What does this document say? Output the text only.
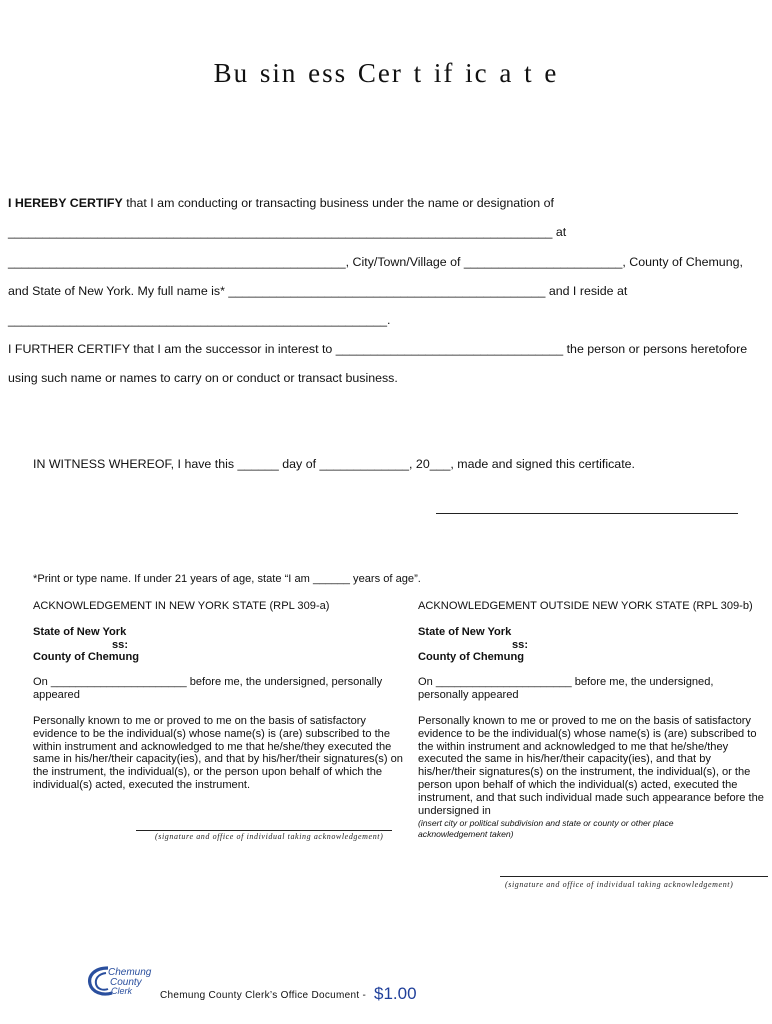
Bu sin ess Cer t if ic a t e
I HEREBY CERTIFY that I am conducting or transacting business under the name or designation of
_______________________________________________________________________________ at
_________________________________________________, City/Town/Village of _______________________, County of Chemung,
and State of New York. My full name is* ______________________________________________ and I reside at
_______________________________________________________.
I FURTHER CERTIFY that I am the successor in interest to _________________________________ the person or persons heretofore
using such name or names to carry on or conduct or transact business.
IN WITNESS WHEREOF, I have this ______ day of _____________, 20___, made and signed this certificate.
*Print or type name. If under 21 years of age, state “I am ______ years of age”.
ACKNOWLEDGEMENT IN NEW YORK STATE (RPL 309-a)
State of New York
ss:
County of Chemung
On ______________________ before me, the undersigned, personally appeared
Personally known to me or proved to me on the basis of satisfactory evidence to be the individual(s) whose name(s) is (are) subscribed to the within instrument and acknowledged to me that he/she/they executed the same in his/her/their capacity(ies), and that by his/her/their signatures(s) on the instrument, the individual(s), or the person upon behalf of which the individual(s) acted, executed the instrument.
(signature and office of individual taking acknowledgement)
ACKNOWLEDGEMENT OUTSIDE NEW YORK STATE (RPL 309-b)
State of New York
ss:
County of Chemung
On ______________________ before me, the undersigned, personally appeared
Personally known to me or proved to me on the basis of satisfactory evidence to be the individual(s) whose name(s) is (are) subscribed to the within instrument and acknowledged to me that he/she/they executed the same in his/her/their capacity(ies), and that by his/her/their signatures(s) on the instrument, the individual(s), or the person upon behalf of which the individual(s) acted, executed the instrument, and that such individual made such appearance before the undersigned in
(insert city or political subdivision and state or county or other place acknowledgement taken)
(signature and office of individual taking acknowledgement)
Chemung
County
Clerk	Chemung County Clerk’s Office Document - $1.00
